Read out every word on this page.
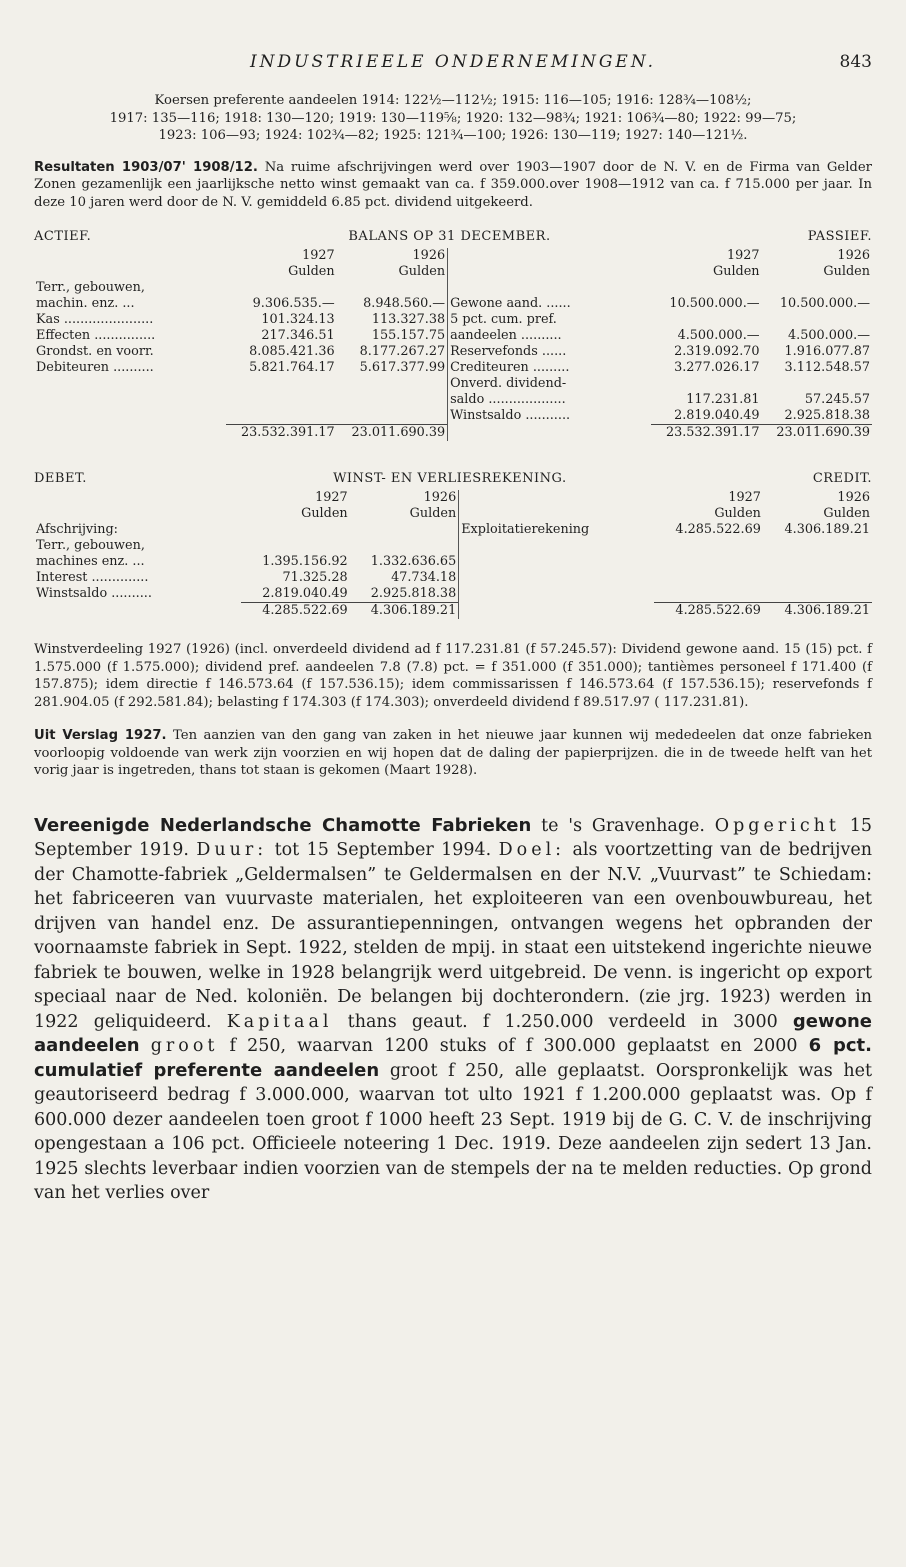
INDUSTRIEELE ONDERNEMINGEN.	843
Koersen preferente aandeelen 1914: 122½—112½; 1915: 116—105; 1916: 128¾—108½;
1917: 135—116; 1918: 130—120; 1919: 130—119⅝; 1920: 132—98¾; 1921: 106¾—80; 1922: 99—75;
1923: 106—93; 1924: 102¾—82; 1925: 121¾—100; 1926: 130—119; 1927: 140—121½.

Resultaten 1903/07' 1908/12. Na ruime afschrijvingen werd over 1903—1907 door de N. V. en de Firma van Gelder Zonen gezamenlijk een jaarlijksche netto winst gemaakt van ca. f 359.000.over 1908—1912 van ca. f 715.000 per jaar. In deze 10 jaren werd door de N. V. gemiddeld 6.85 pct. dividend uitgekeerd.

ACTIEF.	BALANS OP 31 DECEMBER.	PASSIEF.
	1927	1926		1927	1926
	Gulden	Gulden		Gulden	Gulden
Terr., gebouwen,					
machin. enz. ...	9.306.535.—	8.948.560.—	Gewone aand. ......	10.500.000.—	10.500.000.—
Kas ......................	101.324.13	113.327.38	5 pct. cum. pref.		
Effecten ...............	217.346.51	155.157.75	aandeelen ..........	4.500.000.—	4.500.000.—
Grondst. en voorr.	8.085.421.36	8.177.267.27	Reservefonds ......	2.319.092.70	1.916.077.87
Debiteuren ..........	5.821.764.17	5.617.377.99	Crediteuren .........	3.277.026.17	3.112.548.57
			Onverd. dividend-		
			saldo ...................	117.231.81	57.245.57
			Winstsaldo ...........	2.819.040.49	2.925.818.38
	23.532.391.17	23.011.690.39		23.532.391.17	23.011.690.39
DEBET.	WINST- EN VERLIESREKENING.	CREDIT.
	1927	1926		1927	1926
	Gulden	Gulden		Gulden	Gulden
Afschrijving:			Exploitatierekening	4.285.522.69	4.306.189.21
Terr., gebouwen,					
machines enz. ...	1.395.156.92	1.332.636.65			
Interest ..............	71.325.28	47.734.18			
Winstsaldo ..........	2.819.040.49	2.925.818.38			
	4.285.522.69	4.306.189.21		4.285.522.69	4.306.189.21

Winstverdeeling 1927 (1926) (incl. onverdeeld dividend ad f 117.231.81 (f 57.245.57): Dividend gewone aand. 15 (15) pct. f 1.575.000 (f 1.575.000); dividend pref. aandeelen 7.8 (7.8) pct. = f 351.000 (f 351.000); tantièmes personeel f 171.400 (f 157.875); idem directie f 146.573.64 (f 157.536.15); idem commissarissen f 146.573.64 (f 157.536.15); reservefonds f 281.904.05 (f 292.581.84); belasting f 174.303 (f 174.303); onverdeeld dividend f 89.517.97 ( 117.231.81).

Uit Verslag 1927. Ten aanzien van den gang van zaken in het nieuwe jaar kunnen wij mededeelen dat onze fabrieken voorloopig voldoende van werk zijn voorzien en wij hopen dat de daling der papierprijzen. die in de tweede helft van het vorig jaar is ingetreden, thans tot staan is gekomen (Maart 1928).

Vereenigde Nederlandsche Chamotte Fabrieken te 's Gravenhage. Opgericht 15 September 1919. Duur: tot 15 September 1994. Doel: als voortzetting van de bedrijven der Chamotte-fabriek „Geldermalsen” te Geldermalsen en der N.V. „Vuurvast” te Schiedam: het fabriceeren van vuurvaste materialen, het exploiteeren van een ovenbouwbureau, het drijven van handel enz. De assurantiepenningen, ontvangen wegens het opbranden der voornaamste fabriek in Sept. 1922, stelden de mpij. in staat een uitstekend ingerichte nieuwe fabriek te bouwen, welke in 1928 belangrijk werd uitgebreid. De venn. is ingericht op export speciaal naar de Ned. koloniën. De belangen bij dochterondern. (zie jrg. 1923) werden in 1922 geliquideerd. Kapitaal thans geaut. f 1.250.000 verdeeld in 3000 gewone aandeelen groot f 250, waarvan 1200 stuks of f 300.000 geplaatst en 2000 6 pct. cumulatief preferente aandeelen groot f 250, alle geplaatst. Oorspronkelijk was het geautoriseerd bedrag f 3.000.000, waarvan tot ulto 1921 f 1.200.000 geplaatst was. Op f 600.000 dezer aandeelen toen groot f 1000 heeft 23 Sept. 1919 bij de G. C. V. de inschrijving opengestaan a 106 pct. Officieele noteering 1 Dec. 1919. Deze aandeelen zijn sedert 13 Jan. 1925 slechts leverbaar indien voorzien van de stempels der na te melden reducties. Op grond van het verlies over
